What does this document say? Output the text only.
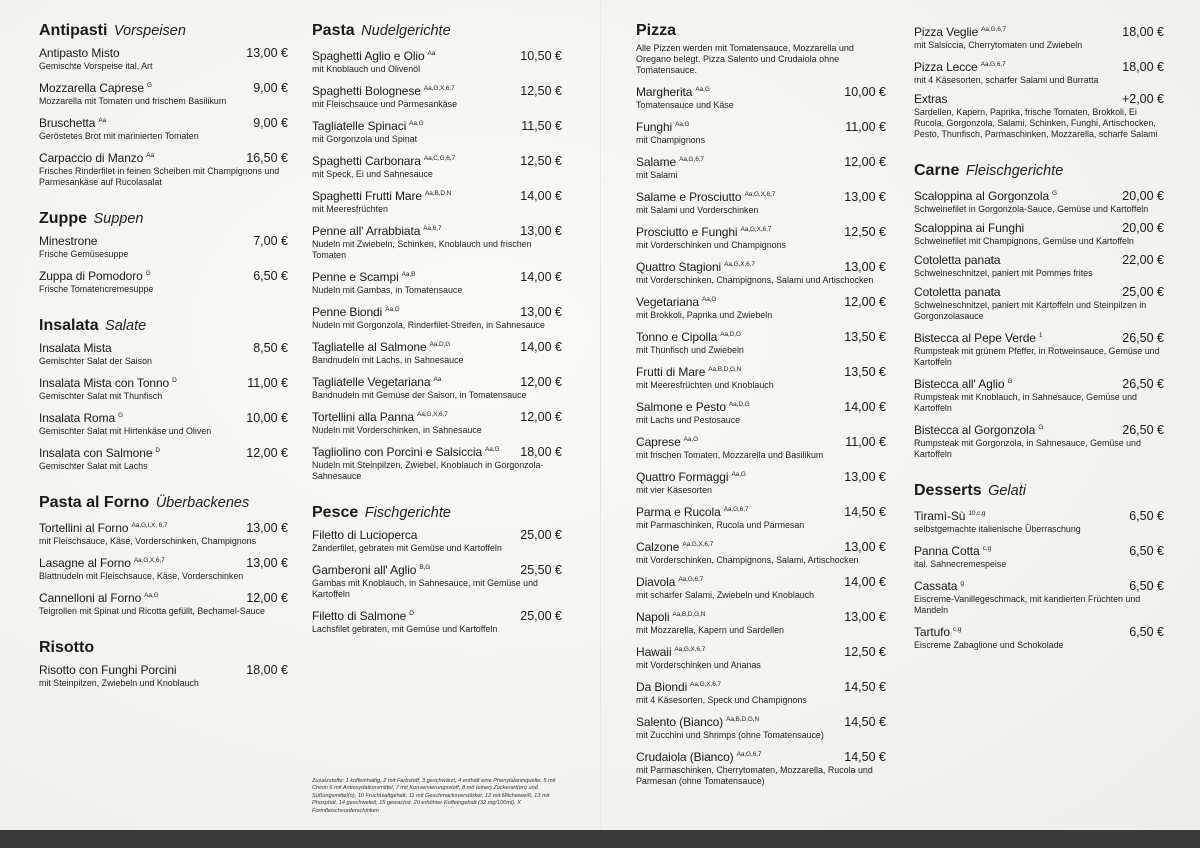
Antipasti Vorspeisen
Antipasto Misto	13,00 €
Gemischte Vorspeise ital. Art
Mozzarella Caprese $^G$	9,00 €
Mozzarella mit Tomaten und frischem Basilikum
Bruschetta $^{Aa}$	9,00 €
Geröstetes Brot mit marinierten Tomaten
Carpaccio di Manzo $^{Aa}$	16,50 €
Frisches Rinderfilet in feinen Scheiben mit Champignons und Parmesankäse auf Rucolasalat
Zuppe Suppen
Minestrone	7,00 €
Frische Gemüsesuppe
Zuppa di Pomodoro $^G$	6,50 €
Frische Tomatencremesuppe
Insalata Salate
Insalata Mista	8,50 €
Gemischter Salat der Saison
Insalata Mista con Tonno $^D$	11,00 €
Gemischter Salat mit Thunfisch
Insalata Roma $^G$	10,00 €
Gemischter Salat mit Hirtenkäse und Oliven
Insalata con Salmone $^D$	12,00 €
Gemischter Salat mit Lachs
Pasta al Forno Überbackenes
Tortellini al Forno $^{Aa,G,I,X, 6,7}$	13,00 €
mit Fleischsauce, Käse, Vorderschinken, Champignons
Lasagne al Forno $^{Aa,G,X,6,7}$	13,00 €
Blattnudeln mit Fleischsauce, Käse, Vorderschinken
Cannelloni al Forno $^{Aa,G}$	12,00 €
Teigrollen mit Spinat und Ricotta gefüllt, Bechamel-Sauce
Risotto
Risotto con Funghi Porcini	18,00 €
mit Steinpilzen, Zwiebeln und Knoblauch
Pasta Nudelgerichte
Spaghetti Aglio e Olio $^{Aa}$	10,50 €
mit Knoblauch und Olivenöl
Spaghetti Bolognese $^{Aa,G,X,6,7}$	12,50 €
mit Fleischsauce und Parmesankäse
Tagliatelle Spinaci $^{Aa,G}$	11,50 €
mit Gorgonzola und Spinat
Spaghetti Carbonara $^{Aa,C,G,6,7}$	12,50 €
mit Speck, Ei und Sahnesauce
Spaghetti Frutti Mare $^{Aa,B,D,N}$	14,00 €
mit Meeresfrüchten
Penne all' Arrabbiata $^{Aa,6,7}$	13,00 €
Nudeln mit Zwiebeln, Schinken, Knoblauch und frischen Tomaten
Penne e Scampi $^{Aa,B}$	14,00 €
Nudeln mit Gambas, in Tomatensauce
Penne Biondi $^{Aa,G}$	13,00 €
Nudeln mit Gorgonzola, Rinderfilet-Streifen, in Sahnesauce
Tagliatelle al Salmone $^{Aa,D,G}$	14,00 €
Bandnudeln mit Lachs, in Sahnesauce
Tagliatelle Vegetariana $^{Aa}$	12,00 €
Bandnudeln mit Gemüse der Saison, in Tomatensauce
Tortellini alla Panna $^{Aa,G,X,6,7}$	12,00 €
Nudeln mit Vorderschinken, in Sahnesauce
Tagliolino con Porcini e Salsiccia $^{Aa,G}$ 18,00 €
Nudeln mit Steinpilzen, Zwiebel, Knoblauch in Gorgonzola-Sahnesauce
Pesce Fischgerichte
Filetto di Lucioperca	25,00 €
Zanderfilet, gebraten mit Gemüse und Kartoffeln
Gamberoni all' Aglio $^{B,G}$	25,50 €
Gambas mit Knoblauch, in Sahnesauce, mit Gemüse und Kartoffeln
Filetto di Salmone $^D$	25,00 €
Lachsfilet gebraten, mit Gemüse und Kartoffeln
Pizza
Alle Pizzen werden mit Tomatensauce, Mozzarella und Oregano belegt. Pizza Salento und Crudaiola ohne Tomatensauce.
Margherita $^{Aa,G}$	10,00 €
Tomatensauce und Käse
Funghi $^{Aa,G}$	11,00 €
mit Champignons
Salame $^{Aa,G,6,7}$	12,00 €
mit Salami
Salame e Prosciutto $^{Aa,G,X,6,7}$	13,00 €
mit Salami und Vorderschinken
Prosciutto e Funghi $^{Aa,G,X,6,7}$	12,50 €
mit Vorderschinken und Champignons
Quattro Stagioni $^{Aa,G,X,6,7}$	13,00 €
mit Vorderschinken, Champignons, Salami und Artischocken
Vegetariana $^{Aa,G}$	12,00 €
mit Brokkoli, Paprika und Zwiebeln
Tonno e Cipolla $^{Aa,D,G}$	13,50 €
mit Thunfisch und Zwiebeln
Frutti di Mare $^{Aa,B,D,G,N}$	13,50 €
mit Meeresfrüchten und Knoblauch
Salmone e Pesto $^{Aa,D,G}$	14,00 €
mit Lachs und Pestosauce
Caprese $^{Aa,G}$	11,00 €
mit frischen Tomaten, Mozzarella und Basilikum
Quattro Formaggi $^{Aa,G}$	13,00 €
mit vier Käsesorten
Parma e Rucola $^{Aa,G,6,7}$	14,50 €
mit Parmaschinken, Rucola und Parmesan
Calzone $^{Aa,G,X,6,7}$	13,00 €
mit Vorderschinken, Champignons, Salami, Artischocken
Diavola $^{Aa,G,6,7}$	14,00 €
mit scharfer Salami, Zwiebeln und Knoblauch
Napoli $^{Aa,B,D,G,N}$	13,00 €
mit Mozzarella, Kapern und Sardellen
Hawaii $^{Aa,G,X,6,7}$	12,50 €
mit Vorderschinken und Ananas
Da Biondi $^{Aa,G,X,6,7}$	14,50 €
mit 4 Käsesorten, Speck und Champignons
Salento (Bianco) $^{Aa,B,D,G,N}$	14,50 €
mit Zucchini und Shrimps (ohne Tomatensauce)
Crudaiola (Bianco) $^{Aa,G,6,7}$	14,50 €
mit Parmaschinken, Cherrytomaten, Mozzarella, Rucola und Parmesan (ohne Tomatensauce)
Pizza Veglie $^{Aa,G,6,7}$	18,00 €
mit Salsiccia, Cherrytomaten und Zwiebeln
Pizza Lecce $^{Aa,G,6,7}$	18,00 €
mit 4 Käsesorten, scharfer Salami und Burratta
Extras	+2,00 €
Sardellen, Kapern, Paprika, frische Tomaten, Brokkoli, Ei Rucola, Gorgonzola, Salami, Schinken, Funghi, Artischocken, Pesto, Thunfisch, Parmaschinken, Mozzarella, scharfe Salami
Carne Fleischgerichte
Scaloppina al Gorgonzola $^G$	20,00 €
Schweinefilet in Gorgonzola-Sauce, Gemüse und Kartoffeln
Scaloppina ai Funghi	20,00 €
Schweinefilet mit Champignons, Gemüse und Kartoffeln
Cotoletta panata	22,00 €
Schweineschnitzel, paniert mit Pommes frites
Cotoletta panata	25,00 €
Schweineschnitzel, paniert mit Kartoffeln und Steinpilzen in Gorgonzolasauce
Bistecca al Pepe Verde $^1$	26,50 €
Rumpsteak mit grünem Pfeffer, in Rotweinsauce, Gemüse und Kartoffeln
Bistecca all' Aglio $^G$	26,50 €
Rumpsteak mit Knoblauch, in Sahnesauce, Gemüse und Kartoffeln
Bistecca al Gorgonzola $^G$	26,50 €
Rumpsteak mit Gorgonzola, in Sahnesauce, Gemüse und Kartoffeln
Desserts Gelati
Tiramì-Sù $^{10,c,g}$	6,50 €
selbstgemachte italienische Überraschung
Panna Cotta $^{c,g}$	6,50 €
ital. Sahnecremespeise
Cassata $^g$	6,50 €
Eiscreme-Vanillegeschmack, mit kandierten Früchten und Mandeln
Tartufo $^{c,g}$	6,50 €
Eiscreme Zabaglione und Schokolade
Zusatzstoffe: 1 koffeinhaltig, 2 mit Farbstoff, 3 geschwärzt, 4 enthält eine Phenylalaninquelle, 5 mit Chinin 6 mit Antioxydationsmittel, 7 mit Konservierungsstoff, 8 mit (einer) Zuckerart(en) und Süßungsmittel(n), 10 Fruchtsaftgehalt, 11 mit Geschmacksverstärker, 12 mit Milcheiweiß, 13 mit Phosphat, 14 geschwefelt, 15 gewachst, 20 erhöhter Koffeingehalt (32 mg/100ml), X Formfleischvorderschinken
